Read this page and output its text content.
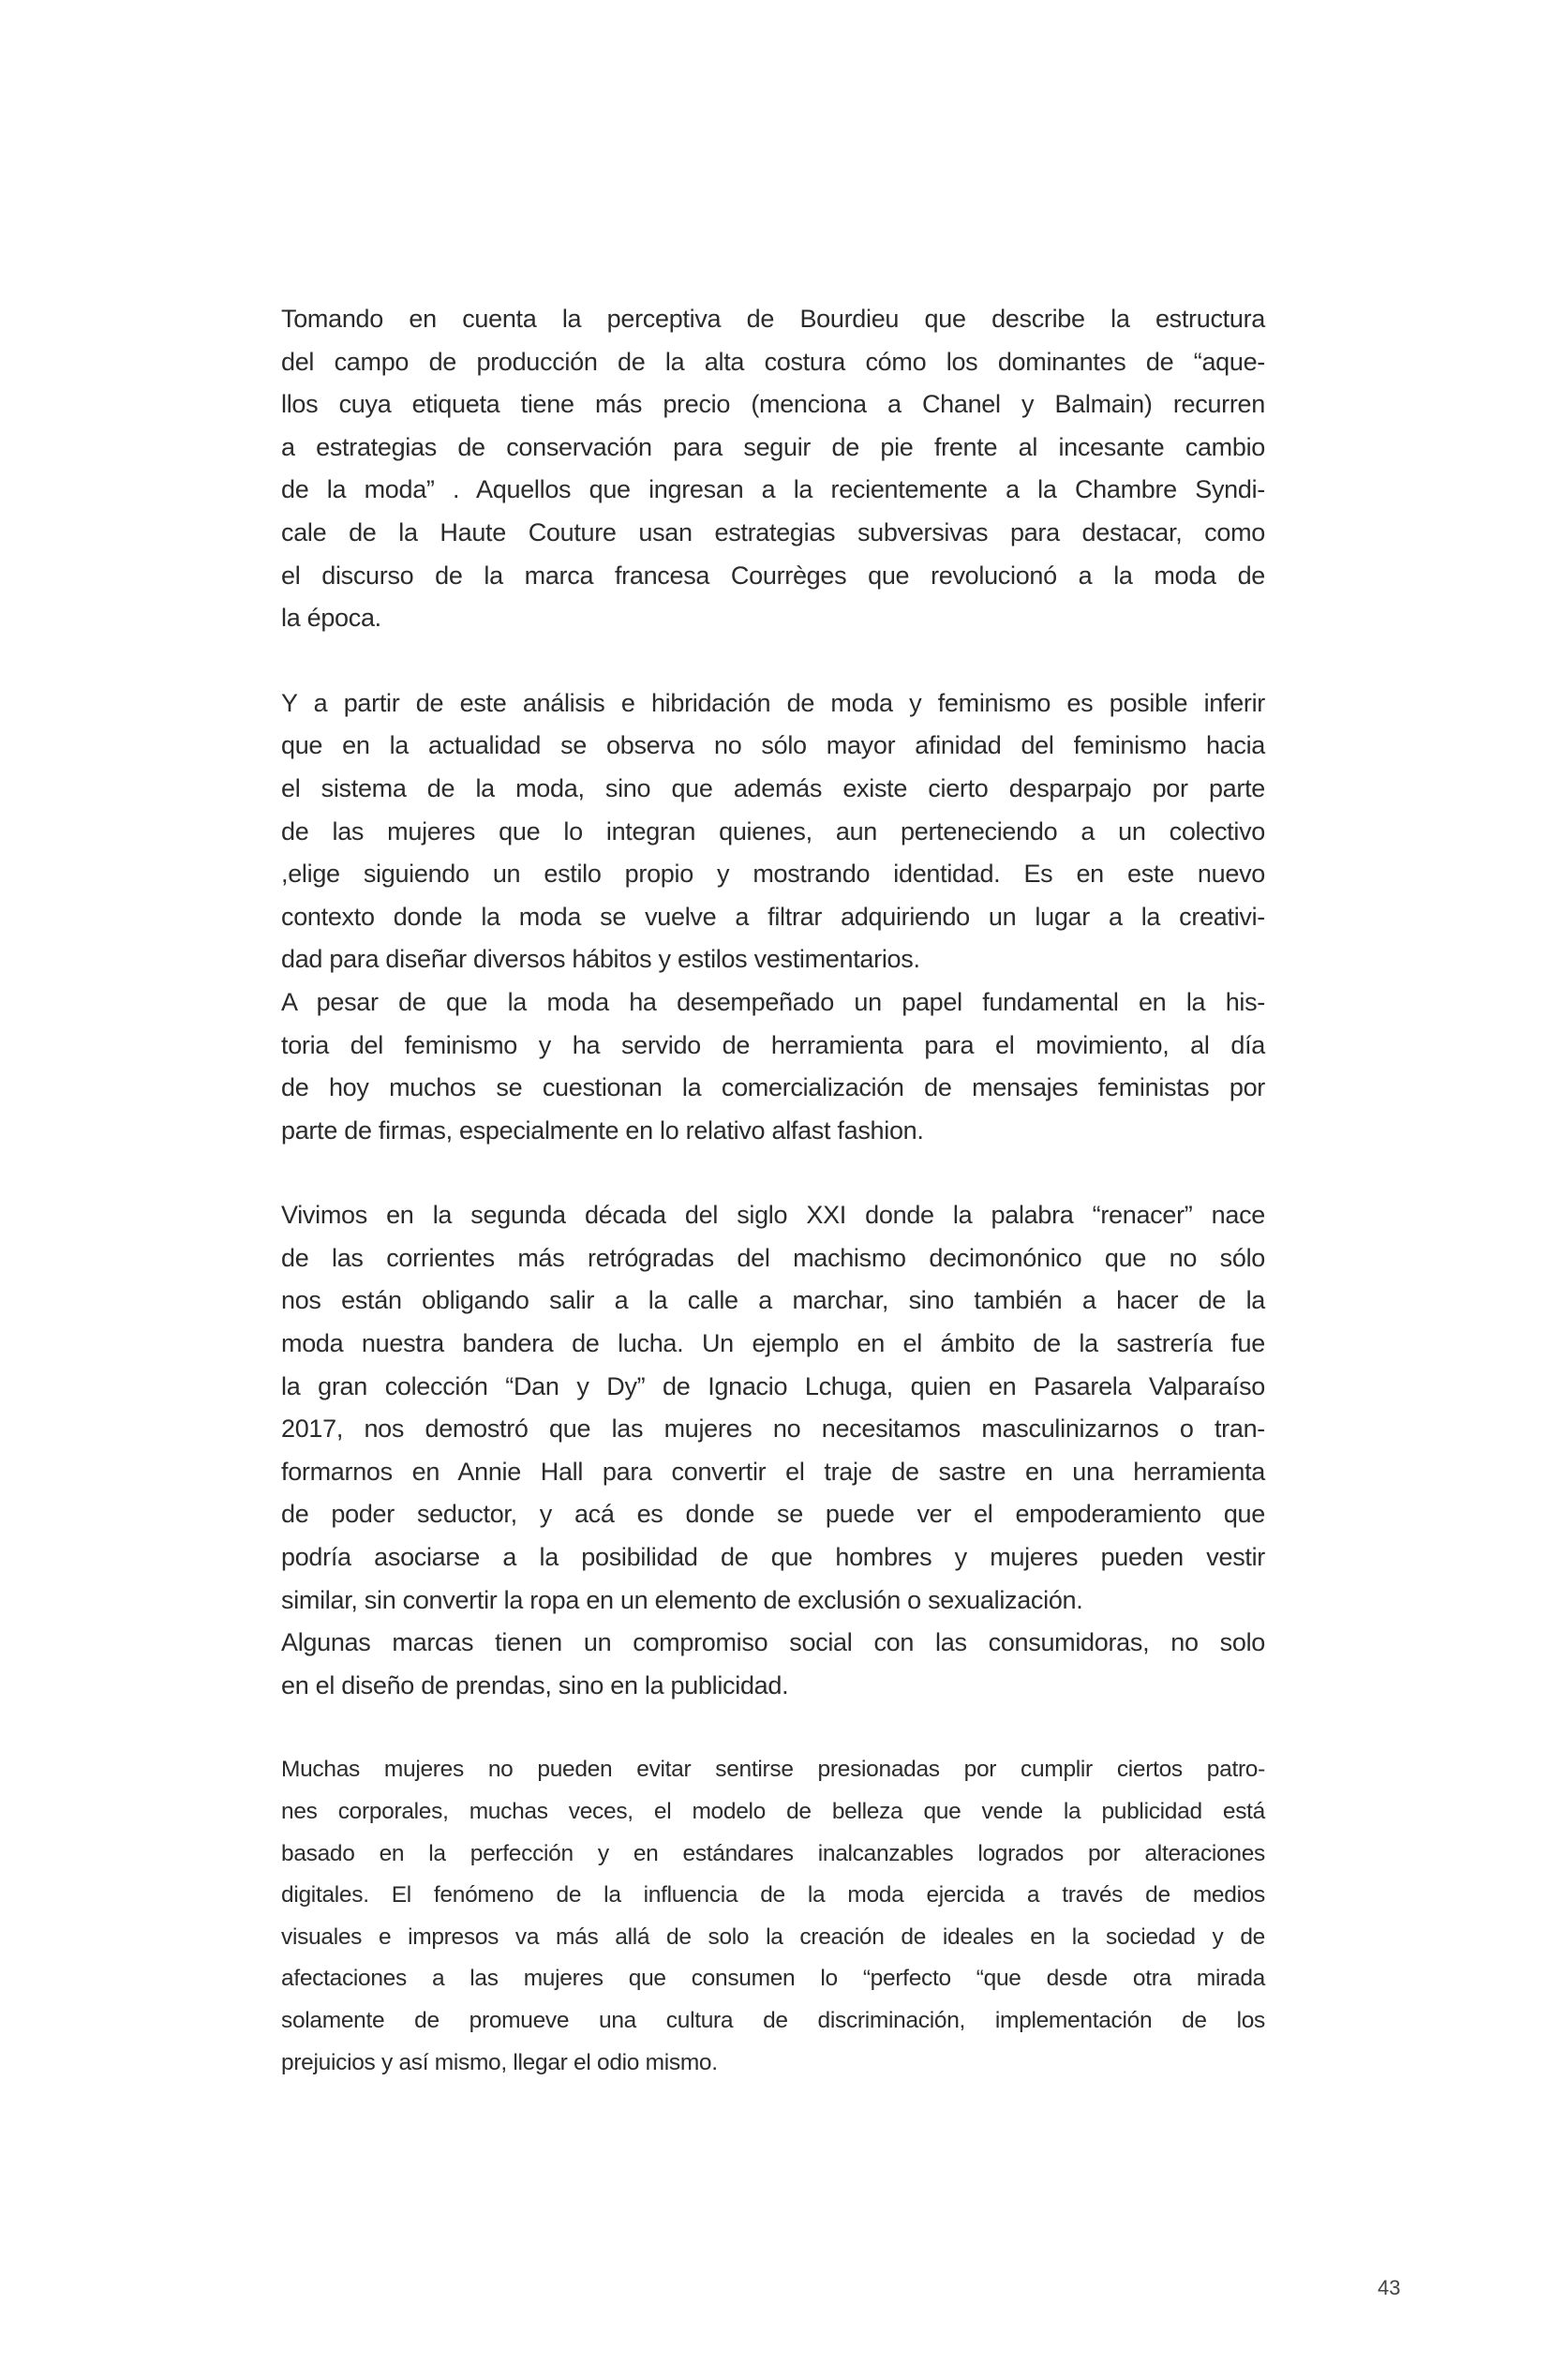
Tomando en cuenta la perceptiva de Bourdieu que describe la estructura
del campo de producción de la alta costura cómo los dominantes de “aque-
llos cuya etiqueta tiene más precio (menciona a Chanel y Balmain) recurren
a estrategias de conservación para seguir de pie frente al incesante cambio
de la moda” . Aquellos que ingresan a la recientemente a la Chambre Syndi-
cale de la Haute Couture usan estrategias subversivas para destacar, como
el discurso de la marca francesa Courrèges que revolucionó a la moda de
la época.
Y a partir de este análisis e hibridación de moda y feminismo es posible inferir
que en la actualidad se observa no sólo mayor afinidad del feminismo hacia
el sistema de la moda, sino que además existe cierto desparpajo por parte
de las mujeres que lo integran quienes, aun perteneciendo a un colectivo
,elige siguiendo un estilo propio y mostrando identidad. Es en este nuevo
contexto donde la moda se vuelve a filtrar adquiriendo un lugar a la creativi-
dad para diseñar diversos hábitos y estilos vestimentarios.
A pesar de que la moda ha desempeñado un papel fundamental en la his-
toria del feminismo y ha servido de herramienta para el movimiento, al día
de hoy muchos se cuestionan la comercialización de mensajes feministas por
parte de firmas, especialmente en lo relativo alfast fashion.
Vivimos en la segunda década del siglo XXI donde la palabra “renacer” nace
de las corrientes más retrógradas del machismo decimonónico que no sólo
nos están obligando salir a la calle a marchar, sino también a hacer de la
moda nuestra bandera de lucha. Un ejemplo en el ámbito de la sastrería fue
la gran colección “Dan y Dy” de Ignacio Lchuga, quien en Pasarela Valparaíso
2017, nos demostró que las mujeres no necesitamos masculinizarnos o tran-
formarnos en Annie Hall para convertir el traje de sastre en una herramienta
de poder seductor, y acá es donde se puede ver el empoderamiento que
podría asociarse a la posibilidad de que hombres y mujeres pueden vestir
similar, sin convertir la ropa en un elemento de exclusión o sexualización.
Algunas marcas tienen un compromiso social con las consumidoras, no solo
en el diseño de prendas, sino en la publicidad.
Muchas mujeres no pueden evitar sentirse presionadas por cumplir ciertos patro-
nes corporales, muchas veces, el modelo de belleza que vende la publicidad está
basado en la perfección y en estándares inalcanzables logrados por alteraciones
digitales. El fenómeno de la influencia de la moda ejercida a través de medios
visuales e impresos va más allá de solo la creación de ideales en la sociedad y de
afectaciones a las mujeres que consumen lo “perfecto “que desde otra mirada
solamente de promueve una cultura de discriminación, implementación de los
prejuicios y así mismo, llegar el odio mismo.
43
